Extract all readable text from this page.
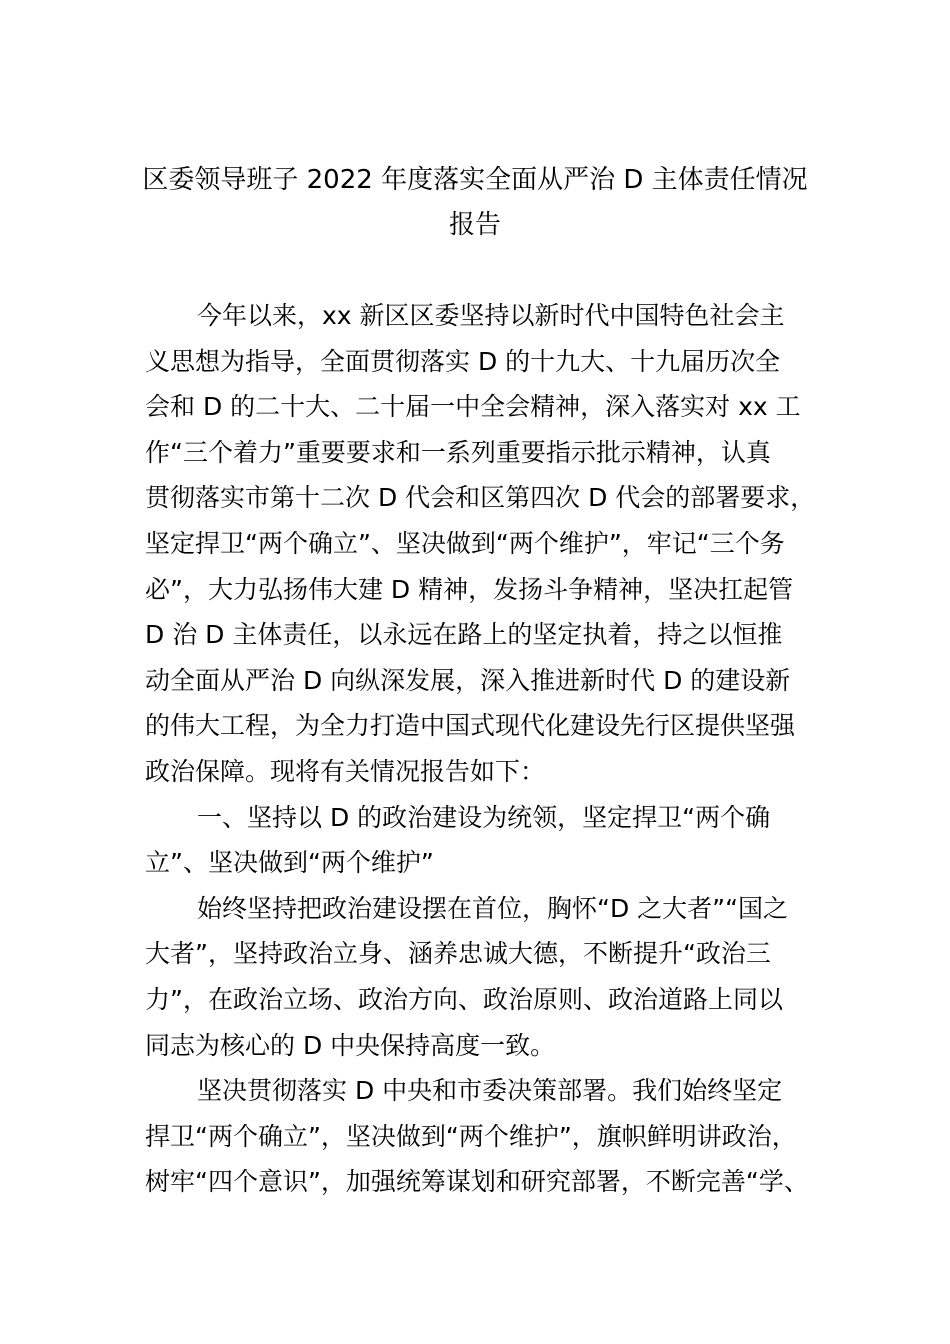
区委领导班子 2022 年度落实全面从严治 D 主体责任情况
报告
今年以来，xx 新区区委坚持以新时代中国特色社会主
义思想为指导，全面贯彻落实 D 的十九大、十九届历次全
会和 D 的二十大、二十届一中全会精神，深入落实对 xx 工
作“三个着力”重要要求和一系列重要指示批示精神，认真
贯彻落实市第十二次 D 代会和区第四次 D 代会的部署要求，
坚定捍卫“两个确立”、坚决做到“两个维护”，牢记“三个务
必”，大力弘扬伟大建 D 精神，发扬斗争精神，坚决扛起管
D 治 D 主体责任，以永远在路上的坚定执着，持之以恒推
动全面从严治 D 向纵深发展，深入推进新时代 D 的建设新
的伟大工程，为全力打造中国式现代化建设先行区提供坚强
政治保障。现将有关情况报告如下：
一、坚持以 D 的政治建设为统领，坚定捍卫“两个确
立”、坚决做到“两个维护”
始终坚持把政治建设摆在首位，胸怀“D 之大者”“国之
大者”，坚持政治立身、涵养忠诚大德，不断提升“政治三
力”，在政治立场、政治方向、政治原则、政治道路上同以
同志为核心的 D 中央保持高度一致。
坚决贯彻落实 D 中央和市委决策部署。我们始终坚定
捍卫“两个确立”，坚决做到“两个维护”，旗帜鲜明讲政治，
树牢“四个意识”，加强统筹谋划和研究部署，不断完善“学、
